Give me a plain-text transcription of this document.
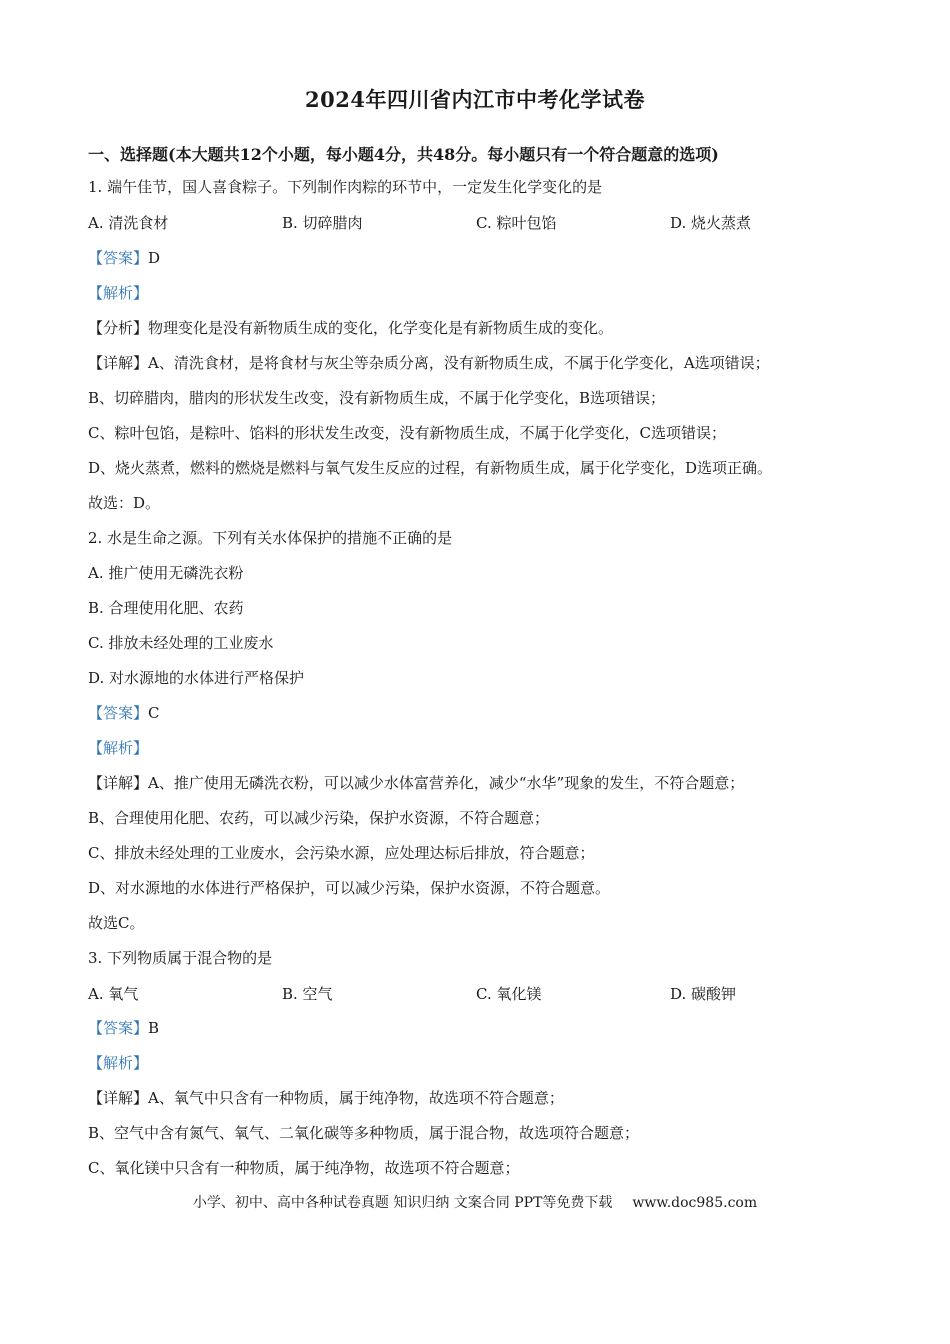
2024年四川省内江市中考化学试卷
一、选择题(本大题共12个小题，每小题4分，共48分。每小题只有一个符合题意的选项)
1. 端午佳节，国人喜食粽子。下列制作肉粽的环节中，一定发生化学变化的是
A. 清洗食材	B. 切碎腊肉	C. 粽叶包馅	D. 烧火蒸煮
【答案】D
【解析】
【分析】物理变化是没有新物质生成的变化，化学变化是有新物质生成的变化。
【详解】A、清洗食材，是将食材与灰尘等杂质分离，没有新物质生成，不属于化学变化，A选项错误；
B、切碎腊肉，腊肉的形状发生改变，没有新物质生成，不属于化学变化，B选项错误；
C、粽叶包馅，是粽叶、馅料的形状发生改变，没有新物质生成，不属于化学变化，C选项错误；
D、烧火蒸煮，燃料的燃烧是燃料与氧气发生反应的过程，有新物质生成，属于化学变化，D选项正确。
故选：D。
2. 水是生命之源。下列有关水体保护的措施不正确的是
A. 推广使用无磷洗衣粉
B. 合理使用化肥、农药
C. 排放未经处理的工业废水
D. 对水源地的水体进行严格保护
【答案】C
【解析】
【详解】A、推广使用无磷洗衣粉，可以减少水体富营养化，减少“水华”现象的发生，不符合题意；
B、合理使用化肥、农药，可以减少污染，保护水资源，不符合题意；
C、排放未经处理的工业废水，会污染水源，应处理达标后排放，符合题意；
D、对水源地的水体进行严格保护，可以减少污染，保护水资源，不符合题意。
故选C。
3. 下列物质属于混合物的是
A. 氧气	B. 空气	C. 氧化镁	D. 碳酸钾
【答案】B
【解析】
【详解】A、氧气中只含有一种物质，属于纯净物，故选项不符合题意；
B、空气中含有氮气、氧气、二氧化碳等多种物质，属于混合物，故选项符合题意；
C、氧化镁中只含有一种物质，属于纯净物，故选项不符合题意；
小学、初中、高中各种试卷真题 知识归纳 文案合同 PPT等免费下载 www.doc985.com
